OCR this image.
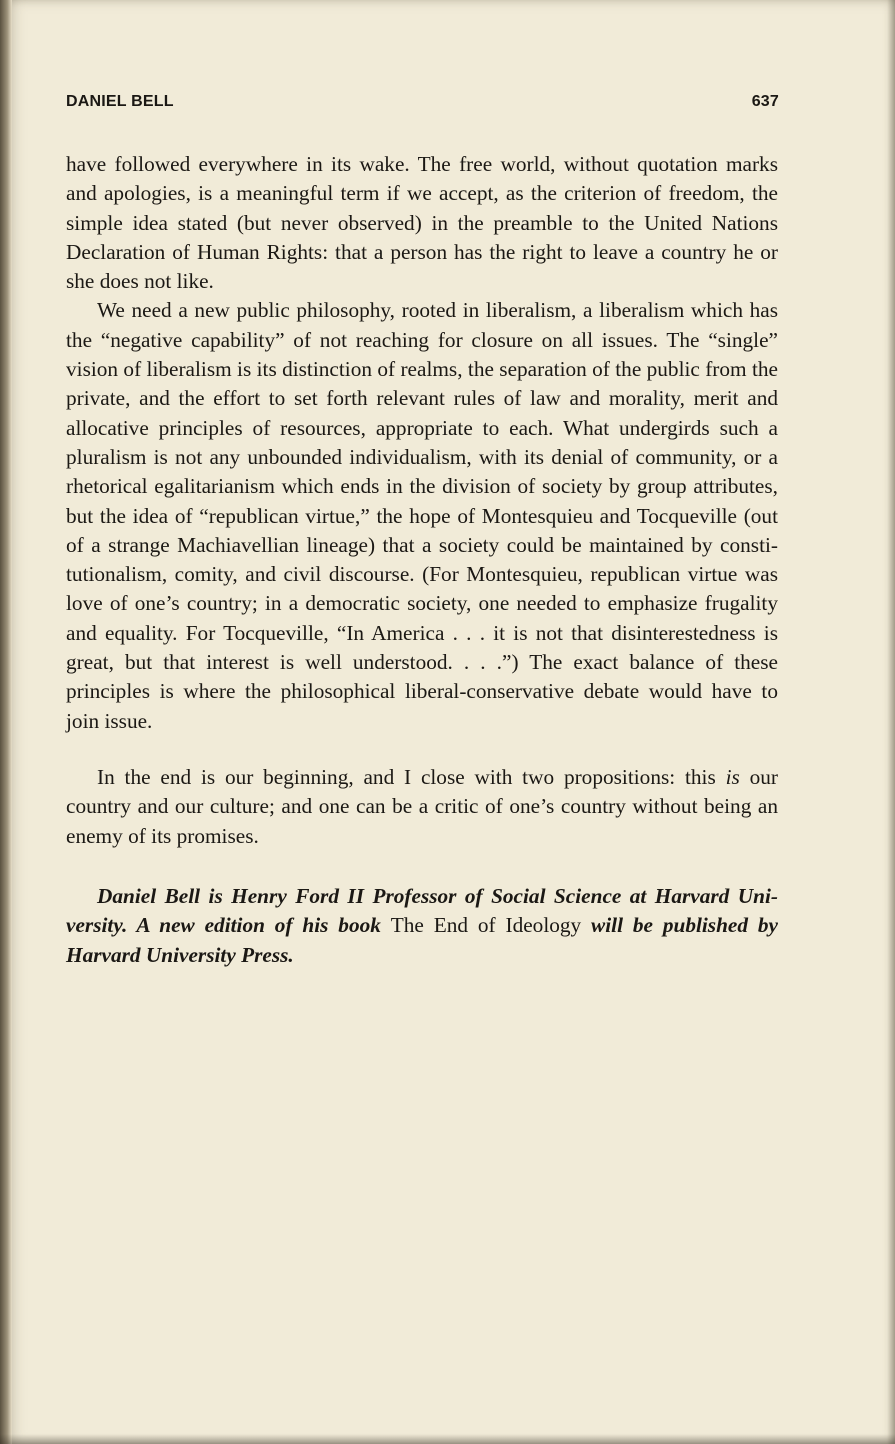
DANIEL BELL	637

have followed everywhere in its wake. The free world, without quotation marks and apologies, is a meaningful term if we accept, as the criterion of freedom, the simple idea stated (but never observed) in the preamble to the United Nations Declaration of Human Rights: that a person has the right to leave a country he or she does not like.

We need a new public philosophy, rooted in liberalism, a liberalism which has the “negative capability” of not reaching for closure on all issues. The “single” vision of liberalism is its distinction of realms, the separation of the public from the private, and the effort to set forth relevant rules of law and morality, merit and allocative principles of resources, appropriate to each. What undergirds such a pluralism is not any unbounded individualism, with its denial of community, or a rhetorical egalitarianism which ends in the division of society by group attributes, but the idea of “republican virtue,” the hope of Montesquieu and Tocqueville (out of a strange Machiavellian lineage) that a society could be maintained by constitutionalism, comity, and civil discourse. (For Montesquieu, republican virtue was love of one’s country; in a democratic society, one needed to emphasize frugality and equality. For Tocqueville, “In America . . . it is not that disinterestedness is great, but that interest is well understood. . . .”) The exact balance of these principles is where the philosophical liberal-conservative debate would have to join issue.

In the end is our beginning, and I close with two propositions: this is our country and our culture; and one can be a critic of one’s country without being an enemy of its promises.

Daniel Bell is Henry Ford II Professor of Social Science at Harvard University. A new edition of his book The End of Ideology will be published by Harvard University Press.
